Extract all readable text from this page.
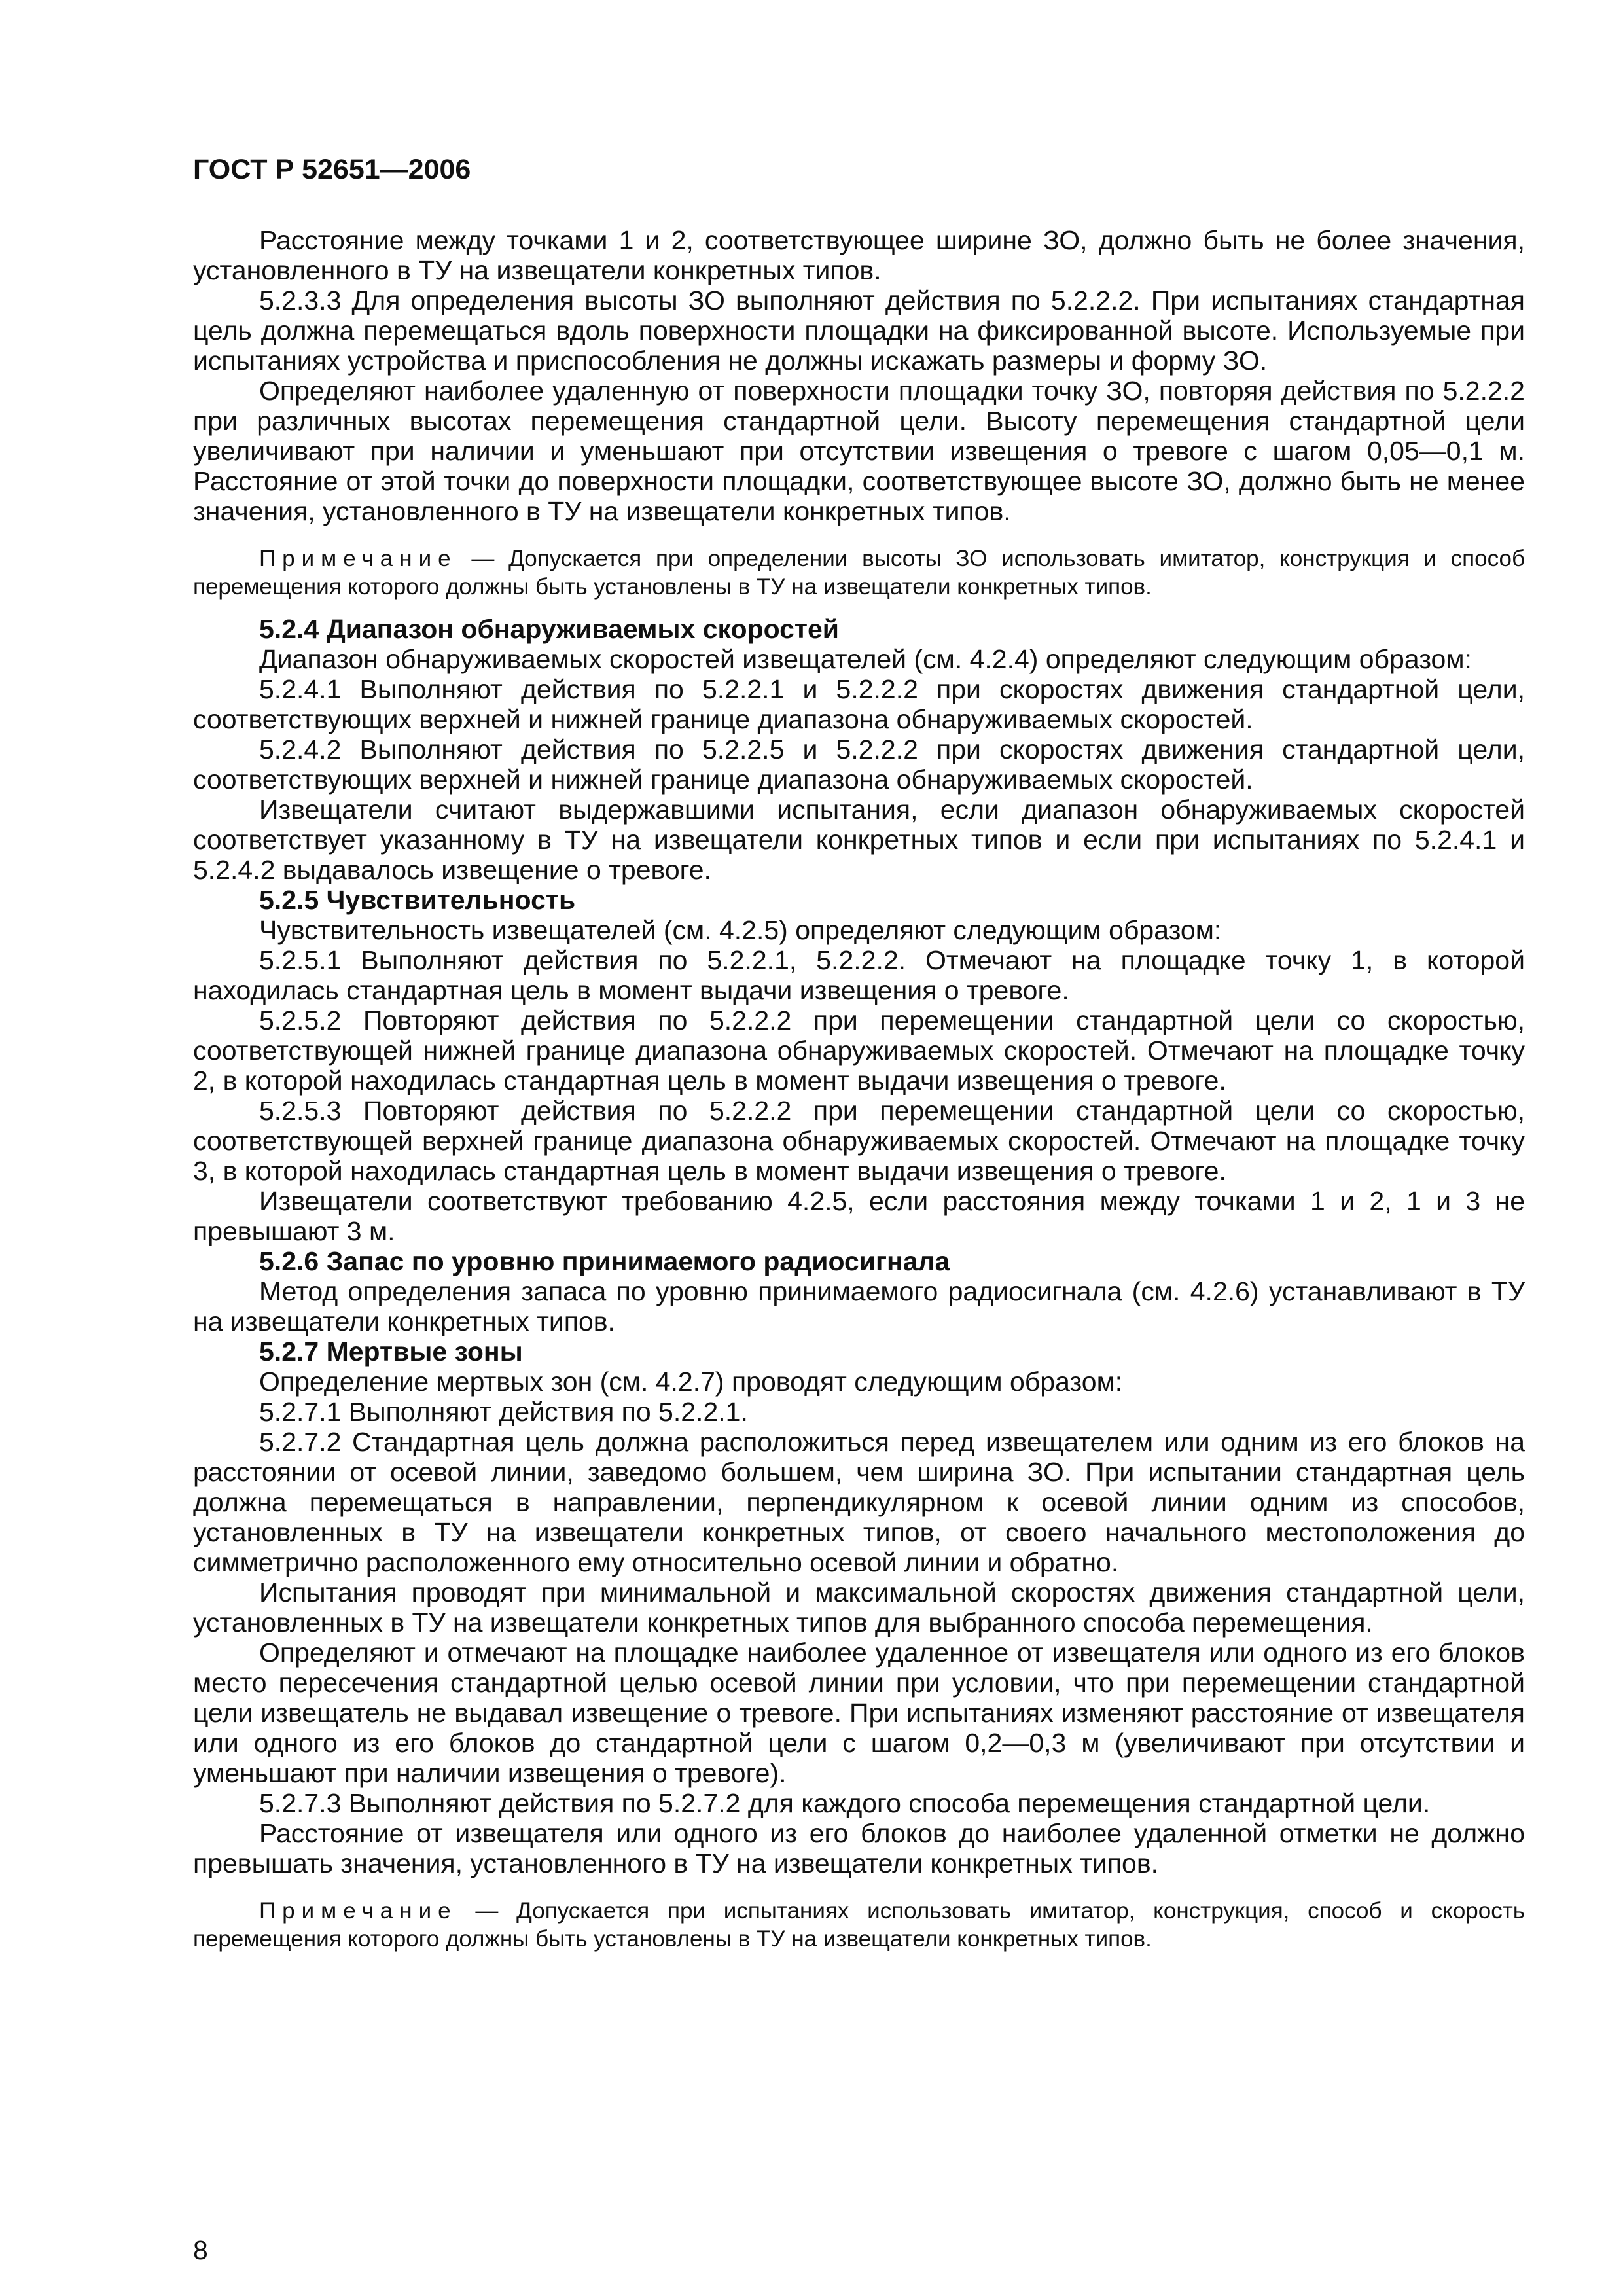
ГОСТ Р 52651—2006

Расстояние между точками 1 и 2, соответствующее ширине ЗО, должно быть не более значения, установленного в ТУ на извещатели конкретных типов.

5.2.3.3 Для определения высоты ЗО выполняют действия по 5.2.2.2. При испытаниях стандартная цель должна перемещаться вдоль поверхности площадки на фиксированной высоте. Используемые при испытаниях устройства и приспособления не должны искажать размеры и форму ЗО.

Определяют наиболее удаленную от поверхности площадки точку ЗО, повторяя действия по 5.2.2.2 при различных высотах перемещения стандартной цели. Высоту перемещения стандартной цели увеличивают при наличии и уменьшают при отсутствии извещения о тревоге с шагом 0,05—0,1 м. Расстояние от этой точки до поверхности площадки, соответствующее высоте ЗО, должно быть не менее значения, установленного в ТУ на извещатели конкретных типов.

Примечание — Допускается при определении высоты ЗО использовать имитатор, конструкция и способ перемещения которого должны быть установлены в ТУ на извещатели конкретных типов.

5.2.4 Диапазон обнаруживаемых скоростей

Диапазон обнаруживаемых скоростей извещателей (см. 4.2.4) определяют следующим образом:

5.2.4.1 Выполняют действия по 5.2.2.1 и 5.2.2.2 при скоростях движения стандартной цели, соответствующих верхней и нижней границе диапазона обнаруживаемых скоростей.

5.2.4.2 Выполняют действия по 5.2.2.5 и 5.2.2.2 при скоростях движения стандартной цели, соответствующих верхней и нижней границе диапазона обнаруживаемых скоростей.

Извещатели считают выдержавшими испытания, если диапазон обнаруживаемых скоростей соответствует указанному в ТУ на извещатели конкретных типов и если при испытаниях по 5.2.4.1 и 5.2.4.2 выдавалось извещение о тревоге.

5.2.5 Чувствительность

Чувствительность извещателей (см. 4.2.5) определяют следующим образом:

5.2.5.1 Выполняют действия по 5.2.2.1, 5.2.2.2. Отмечают на площадке точку 1, в которой находилась стандартная цель в момент выдачи извещения о тревоге.

5.2.5.2 Повторяют действия по 5.2.2.2 при перемещении стандартной цели со скоростью, соответствующей нижней границе диапазона обнаруживаемых скоростей. Отмечают на площадке точку 2, в которой находилась стандартная цель в момент выдачи извещения о тревоге.

5.2.5.3 Повторяют действия по 5.2.2.2 при перемещении стандартной цели со скоростью, соответствующей верхней границе диапазона обнаруживаемых скоростей. Отмечают на площадке точку 3, в которой находилась стандартная цель в момент выдачи извещения о тревоге.

Извещатели соответствуют требованию 4.2.5, если расстояния между точками 1 и 2, 1 и 3 не превышают 3 м.

5.2.6 Запас по уровню принимаемого радиосигнала

Метод определения запаса по уровню принимаемого радиосигнала (см. 4.2.6) устанавливают в ТУ на извещатели конкретных типов.

5.2.7 Мертвые зоны

Определение мертвых зон (см. 4.2.7) проводят следующим образом:

5.2.7.1 Выполняют действия по 5.2.2.1.

5.2.7.2 Стандартная цель должна расположиться перед извещателем или одним из его блоков на расстоянии от осевой линии, заведомо большем, чем ширина ЗО. При испытании стандартная цель должна перемещаться в направлении, перпендикулярном к осевой линии одним из способов, установленных в ТУ на извещатели конкретных типов, от своего начального местоположения до симметрично расположенного ему относительно осевой линии и обратно.

Испытания проводят при минимальной и максимальной скоростях движения стандартной цели, установленных в ТУ на извещатели конкретных типов для выбранного способа перемещения.

Определяют и отмечают на площадке наиболее удаленное от извещателя или одного из его блоков место пересечения стандартной целью осевой линии при условии, что при перемещении стандартной цели извещатель не выдавал извещение о тревоге. При испытаниях изменяют расстояние от извещателя или одного из его блоков до стандартной цели с шагом 0,2—0,3 м (увеличивают при отсутствии и уменьшают при наличии извещения о тревоге).

5.2.7.3 Выполняют действия по 5.2.7.2 для каждого способа перемещения стандартной цели.

Расстояние от извещателя или одного из его блоков до наиболее удаленной отметки не должно превышать значения, установленного в ТУ на извещатели конкретных типов.

Примечание — Допускается при испытаниях использовать имитатор, конструкция, способ и скорость перемещения которого должны быть установлены в ТУ на извещатели конкретных типов.
8
